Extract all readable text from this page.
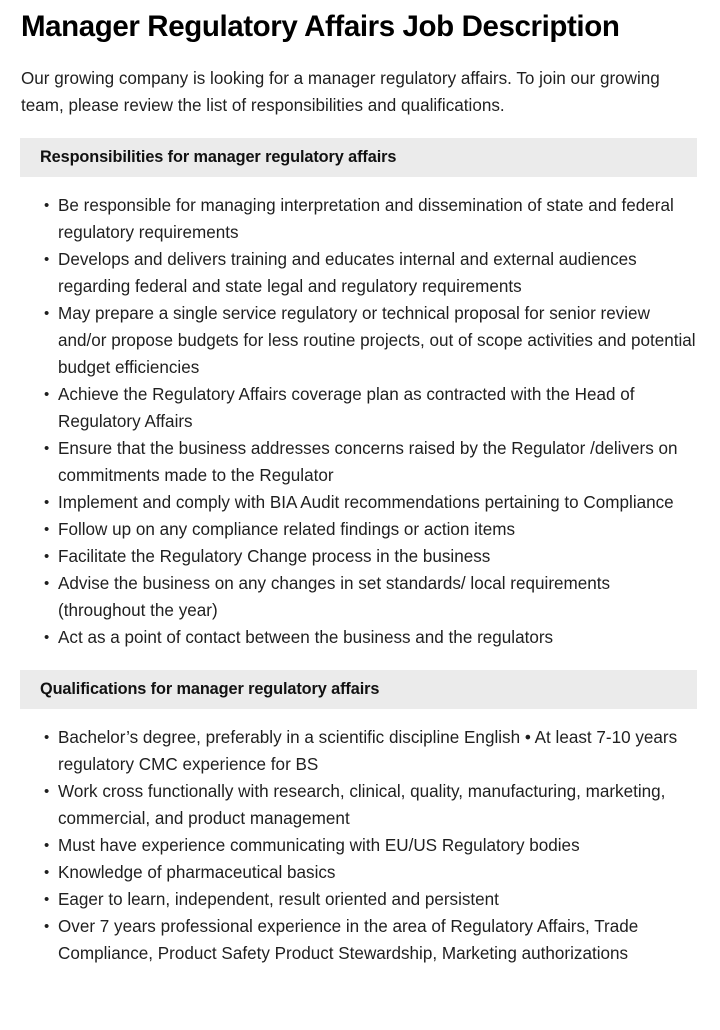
Manager Regulatory Affairs Job Description

Our growing company is looking for a manager regulatory affairs. To join our growing team, please review the list of responsibilities and qualifications.

Responsibilities for manager regulatory affairs
• Be responsible for managing interpretation and dissemination of state and federal regulatory requirements
• Develops and delivers training and educates internal and external audiences regarding federal and state legal and regulatory requirements
• May prepare a single service regulatory or technical proposal for senior review and/or propose budgets for less routine projects, out of scope activities and potential budget efficiencies
• Achieve the Regulatory Affairs coverage plan as contracted with the Head of Regulatory Affairs
• Ensure that the business addresses concerns raised by the Regulator /delivers on commitments made to the Regulator
• Implement and comply with BIA Audit recommendations pertaining to Compliance
• Follow up on any compliance related findings or action items
• Facilitate the Regulatory Change process in the business
• Advise the business on any changes in set standards/ local requirements (throughout the year)
• Act as a point of contact between the business and the regulators
Qualifications for manager regulatory affairs
• Bachelor’s degree, preferably in a scientific discipline English • At least 7-10 years regulatory CMC experience for BS
• Work cross functionally with research, clinical, quality, manufacturing, marketing, commercial, and product management
• Must have experience communicating with EU/US Regulatory bodies
• Knowledge of pharmaceutical basics
• Eager to learn, independent, result oriented and persistent
• Over 7 years professional experience in the area of Regulatory Affairs, Trade Compliance, Product Safety Product Stewardship, Marketing authorizations
